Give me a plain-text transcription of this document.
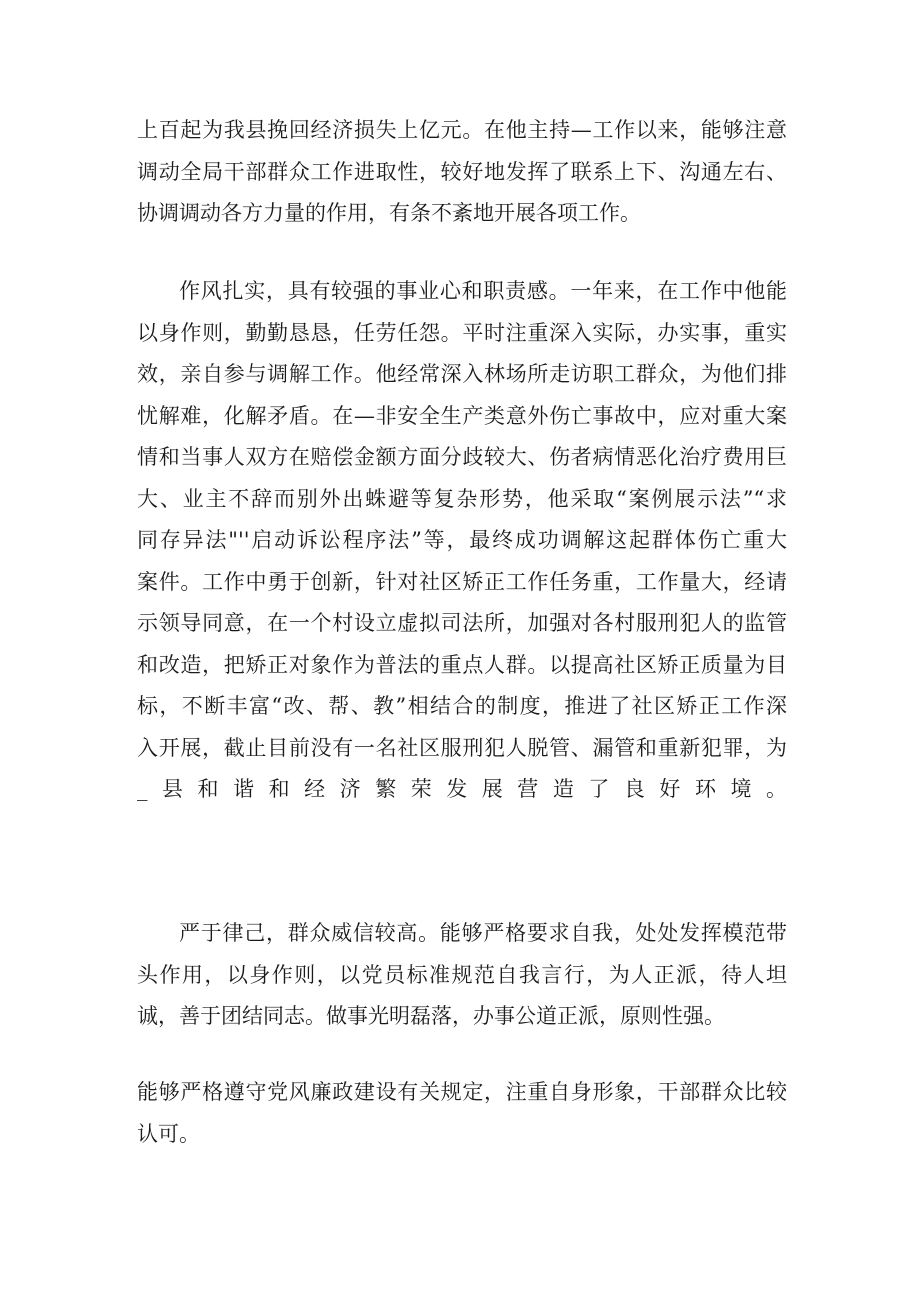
上百起为我县挽回经济损失上亿元。在他主持—工作以来，能够注意
调动全局干部群众工作进取性，较好地发挥了联系上下、沟通左右、
协调调动各方力量的作用，有条不紊地开展各项工作。

作风扎实，具有较强的事业心和职责感。一年来，在工作中他能
以身作则，勤勤恳恳，任劳任怨。平时注重深入实际，办实事，重实
效，亲自参与调解工作。他经常深入林场所走访职工群众，为他们排
忧解难，化解矛盾。在—非安全生产类意外伤亡事故中，应对重大案
情和当事人双方在赔偿金额方面分歧较大、伤者病情恶化治疗费用巨
大、业主不辞而别外出蛛避等复杂形势，他采取“案例展示法”“求
同存异法"''启动诉讼程序法”等，最终成功调解这起群体伤亡重大
案件。工作中勇于创新，针对社区矫正工作任务重，工作量大，经请
示领导同意，在一个村设立虚拟司法所，加强对各村服刑犯人的监管
和改造，把矫正对象作为普法的重点人群。以提高社区矫正质量为目
标，不断丰富“改、帮、教”相结合的制度，推进了社区矫正工作深
入开展，截止目前没有一名社区服刑犯人脱管、漏管和重新犯罪，为
_县和谐和经济繁荣发展营造了良好环境。

严于律己，群众威信较高。能够严格要求自我，处处发挥模范带
头作用，以身作则，以党员标准规范自我言行，为人正派，待人坦
诚，善于团结同志。做事光明磊落，办事公道正派，原则性强。

能够严格遵守党风廉政建设有关规定，注重自身形象，干部群众比较
认可。
